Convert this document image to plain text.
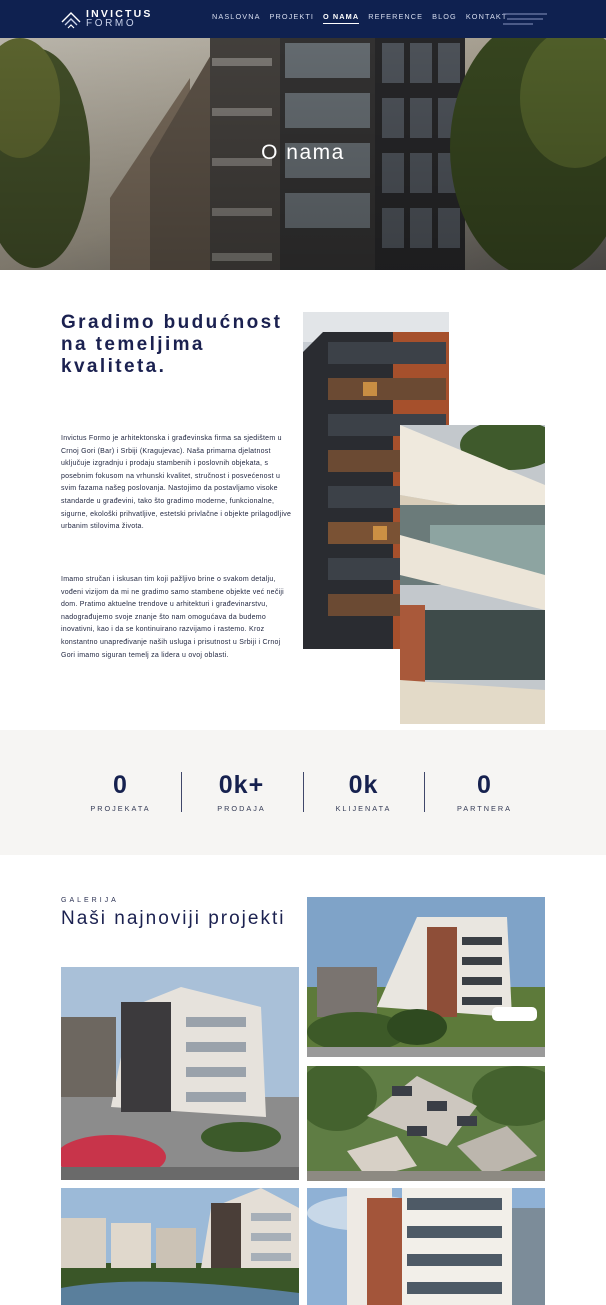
INVICTUS
FORMO
NASLOVNA PROJEKTI O NAMA REFERENCE BLOG KONTAKT
O nama
Gradimo budućnost na temeljima kvaliteta.

Invictus Formo je arhitektonska i građevinska firma sa sjedištem u Crnoj Gori (Bar) i Srbiji (Kragujevac). Naša primarna djelatnost uključuje izgradnju i prodaju stambenih i poslovnih objekata, s posebnim fokusom na vrhunski kvalitet, stručnost i posvećenost u svim fazama našeg poslovanja. Nastojimo da postavljamo visoke standarde u građevini, tako što gradimo moderne, funkcionalne, sigurne, ekološki prihvatljive, estetski privlačne i objekte prilagodljive urbanim stilovima života.

Imamo stručan i iskusan tim koji pažljivo brine o svakom detalju, vođeni vizijom da mi ne gradimo samo stambene objekte već nečiji dom. Pratimo aktuelne trendove u arhitekturi i građevinarstvu, nadograđujemo svoje znanje što nam omogućava da budemo inovativni, kao i da se kontinuirano razvijamo i rastemo. Kroz konstantno unapređivanje naših usluga i prisutnost u Srbiji i Crnoj Gori imamo siguran temelj za lidera u ovoj oblasti.

0
PROJEKATA
0k+
PRODAJA
0k
KLIJENATA
0
PARTNERA
GALERIJA
Naši najnoviji projekti
